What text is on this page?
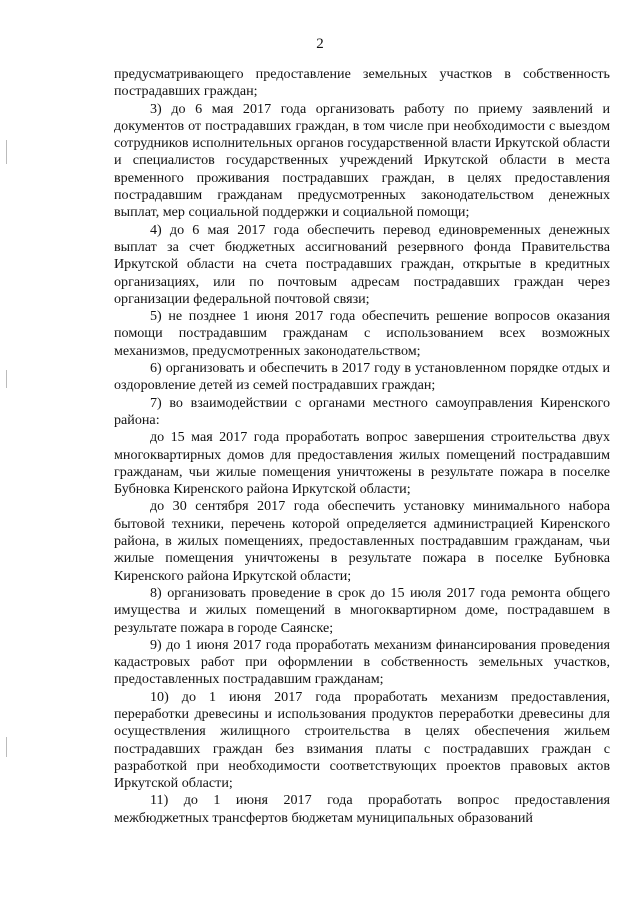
2

предусматривающего предоставление земельных участков в собственность пострадавших граждан;

3) до 6 мая 2017 года организовать работу по приему заявлений и документов от пострадавших граждан, в том числе при необходимости с выездом сотрудников исполнительных органов государственной власти Иркутской области и специалистов государственных учреждений Иркутской области в места временного проживания пострадавших граждан, в целях предоставления пострадавшим гражданам предусмотренных законодательством денежных выплат, мер социальной поддержки и социальной помощи;

4) до 6 мая 2017 года обеспечить перевод единовременных денежных выплат за счет бюджетных ассигнований резервного фонда Правительства Иркутской области на счета пострадавших граждан, открытые в кредитных организациях, или по почтовым адресам пострадавших граждан через организации федеральной почтовой связи;

5) не позднее 1 июня 2017 года обеспечить решение вопросов оказания помощи пострадавшим гражданам с использованием всех возможных механизмов, предусмотренных законодательством;

6) организовать и обеспечить в 2017 году в установленном порядке отдых и оздоровление детей из семей пострадавших граждан;

7) во взаимодействии с органами местного самоуправления Киренского района:

до 15 мая 2017 года проработать вопрос завершения строительства двух многоквартирных домов для предоставления жилых помещений пострадавшим гражданам, чьи жилые помещения уничтожены в результате пожара в поселке Бубновка Киренского района Иркутской области;

до 30 сентября 2017 года обеспечить установку минимального набора бытовой техники, перечень которой определяется администрацией Киренского района, в жилых помещениях, предоставленных пострадавшим гражданам, чьи жилые помещения уничтожены в результате пожара в поселке Бубновка Киренского района Иркутской области;

8) организовать проведение в срок до 15 июля 2017 года ремонта общего имущества и жилых помещений в многоквартирном доме, пострадавшем в результате пожара в городе Саянске;

9) до 1 июня 2017 года проработать механизм финансирования проведения кадастровых работ при оформлении в собственность земельных участков, предоставленных пострадавшим гражданам;

10) до 1 июня 2017 года проработать механизм предоставления, переработки древесины и использования продуктов переработки древесины для осуществления жилищного строительства в целях обеспечения жильем пострадавших граждан без взимания платы с пострадавших граждан с разработкой при необходимости соответствующих проектов правовых актов Иркутской области;

11) до 1 июня 2017 года проработать вопрос предоставления межбюджетных трансфертов бюджетам муниципальных образований
